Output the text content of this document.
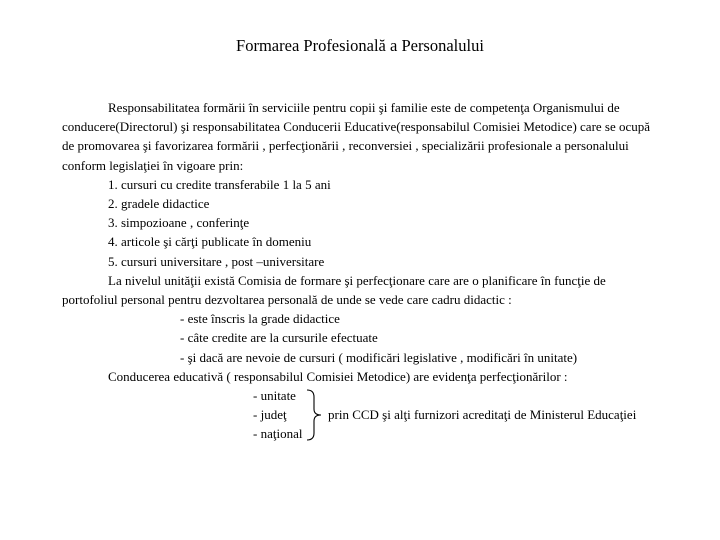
Formarea Profesională a Personalului

Responsabilitatea formării în serviciile pentru copii şi familie este de competenţa Organismului de conducere(Directorul) şi responsabilitatea Conducerii Educative(responsabilul Comisiei Metodice) care se ocupă de promovarea şi favorizarea formării , perfecţionării , reconversiei , specializării profesionale a personalului conform legislaţiei în vigoare prin:

1. cursuri cu credite transferabile 1 la 5 ani
2. gradele didactice
3. simpozioane , conferinţe
4. articole şi cărţi publicate în domeniu
5. cursuri universitare , post –universitare

La nivelul unităţii există Comisia de formare şi perfecţionare care are o planificare în funcţie de portofoliul personal pentru dezvoltarea personală de unde se vede care cadru didactic :

- este înscris la grade didactice
- câte credite are la cursurile efectuate
- şi dacă are nevoie de cursuri ( modificări legislative , modificări în unitate)
Conducerea educativă ( responsabilul Comisiei Metodice) are evidenţa perfecţionărilor :
- unitate
- judeţ
- naţional
prin CCD şi alţi furnizori acreditaţi de Ministerul Educaţiei
